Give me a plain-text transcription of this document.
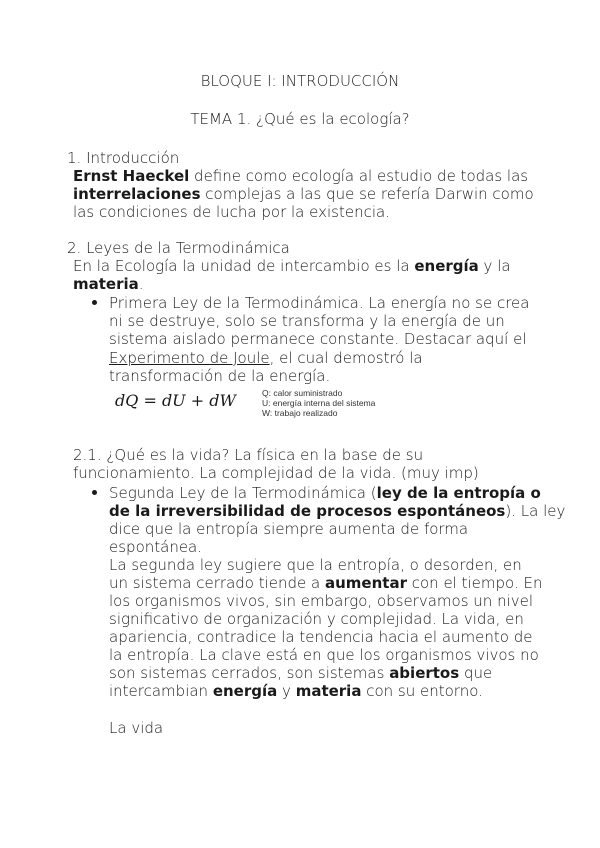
BLOQUE I: INTRODUCCIÓN
TEMA 1. ¿Qué es la ecología?
1. Introducción
Ernst Haeckel define como ecología al estudio de todas las
interrelaciones complejas a las que se refería Darwin como
las condiciones de lucha por la existencia.
2. Leyes de la Termodinámica
En la Ecología la unidad de intercambio es la energía y la
materia.
Primera Ley de la Termodinámica. La energía no se crea
ni se destruye, solo se transforma y la energía de un
sistema aislado permanece constante. Destacar aquí el
Experimento de Joule, el cual demostró la
transformación de la energía.
dQ = dU + dW	Q: calor suministrado
U: energía interna del sistema
W: trabajo realizado
2.1. ¿Qué es la vida? La física en la base de su
funcionamiento. La complejidad de la vida. (muy imp)
Segunda Ley de la Termodinámica (ley de la entropía o
de la irreversibilidad de procesos espontáneos). La ley
dice que la entropía siempre aumenta de forma
espontánea.
La segunda ley sugiere que la entropía, o desorden, en
un sistema cerrado tiende a aumentar con el tiempo. En
los organismos vivos, sin embargo, observamos un nivel
significativo de organización y complejidad. La vida, en
apariencia, contradice la tendencia hacia el aumento de
la entropía. La clave está en que los organismos vivos no
son sistemas cerrados, son sistemas abiertos que
intercambian energía y materia con su entorno.
La vida
